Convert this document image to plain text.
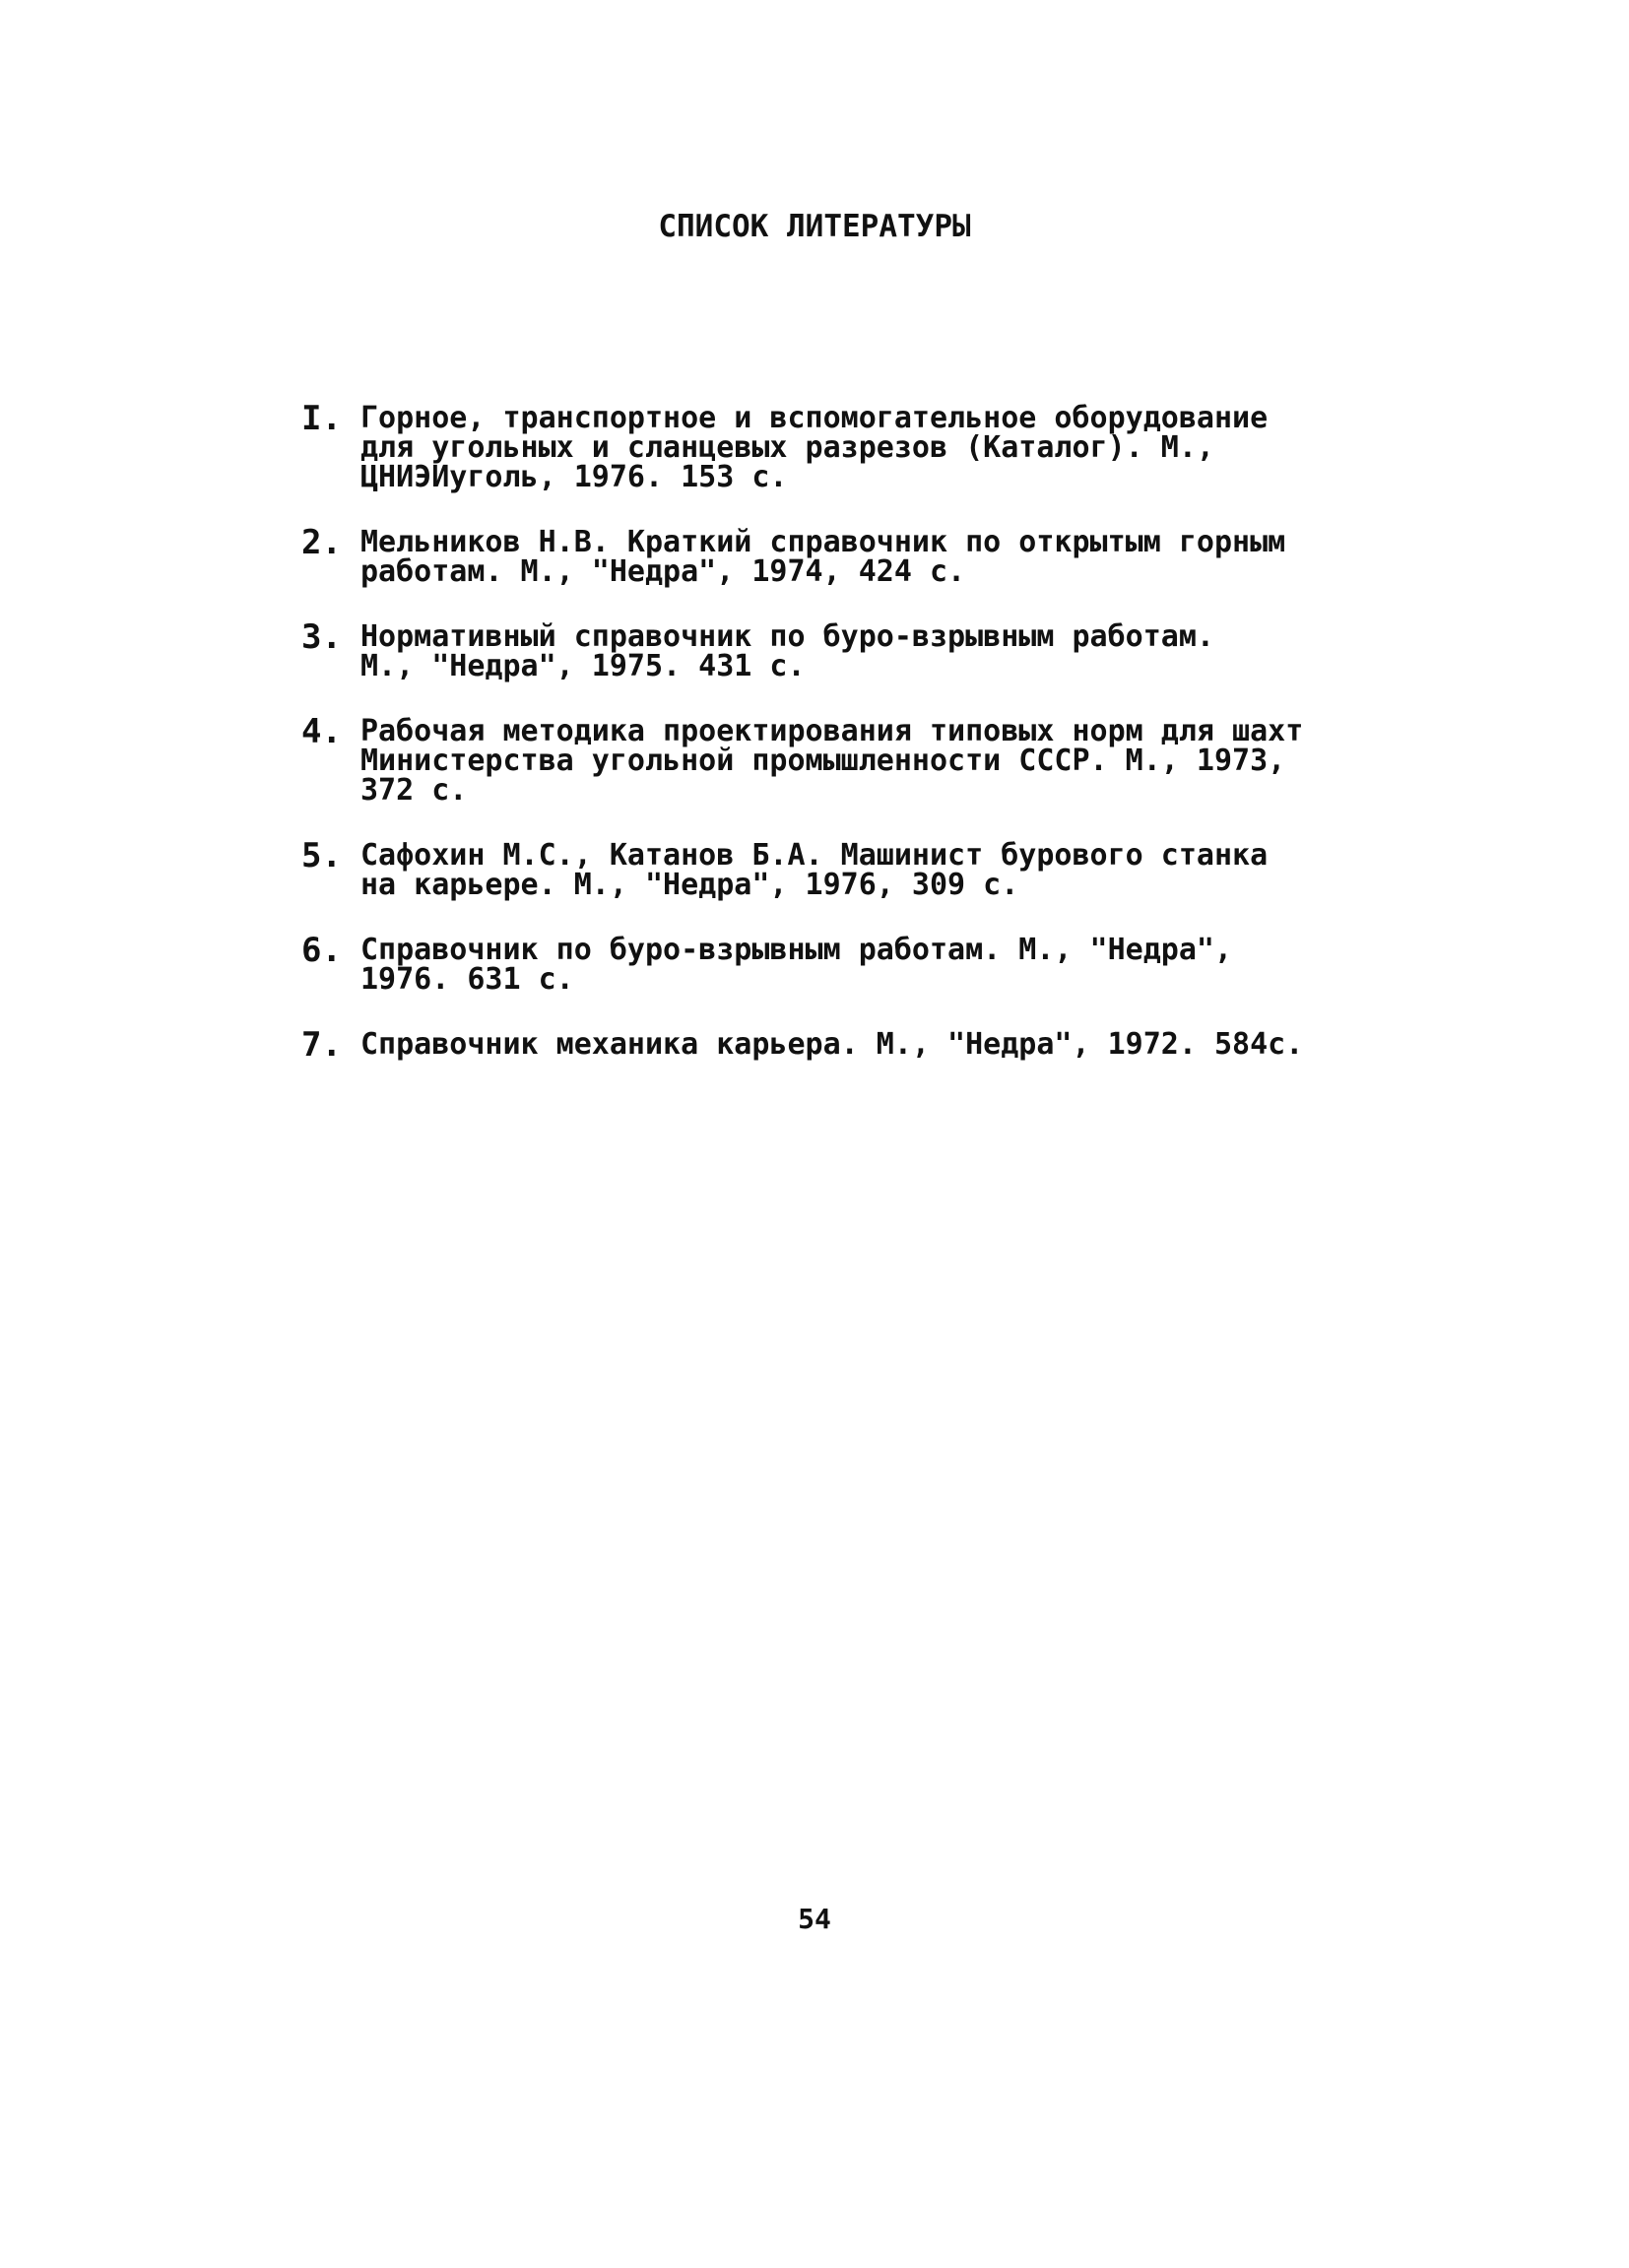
СПИСОК ЛИТЕРАТУРЫ
I. Горное, транспортное и вспомогательное оборудование
для угольных и сланцевых разрезов (Каталог). М.,
ЦНИЭИуголь, 1976. 153 с.
2. Мельников Н.В. Краткий справочник по открытым горным
работам. М., "Недра", 1974, 424 с.
3. Нормативный справочник по буро-взрывным работам.
М., "Недра", 1975. 431 с.
4. Рабочая методика проектирования типовых норм для шахт
Министерства угольной промышленности СССР. М., 1973,
372 с.
5. Сафохин М.С., Катанов Б.А. Машинист бурового станка
на карьере. М., "Недра", 1976, 309 с.
6. Справочник по буро-взрывным работам. М., "Недра",
1976. 631 с.
7. Справочник механика карьера. М., "Недра", 1972. 584с.
54
